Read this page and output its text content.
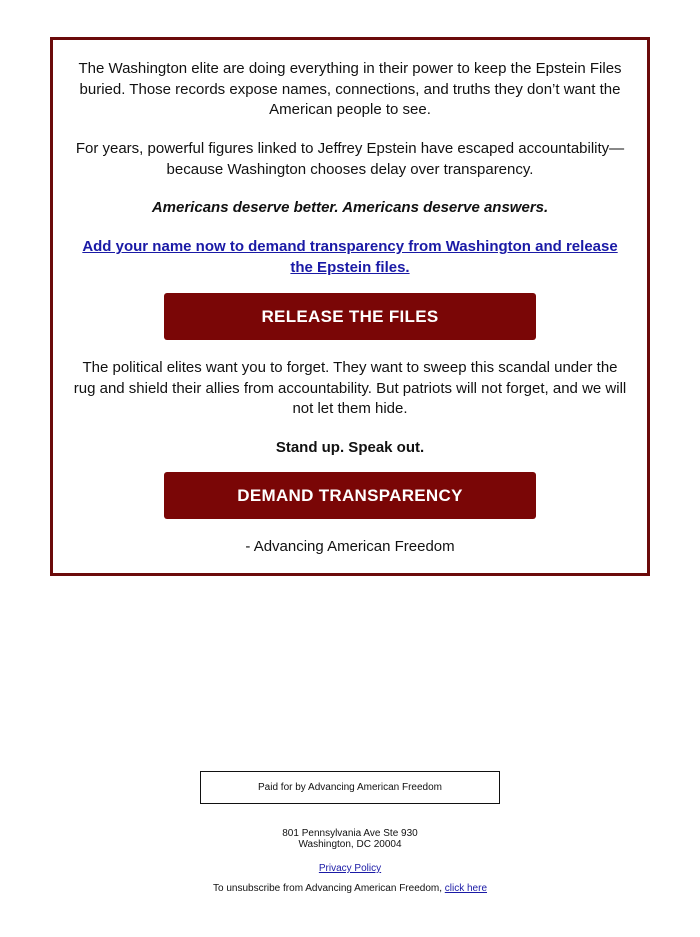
The Washington elite are doing everything in their power to keep the Epstein Files buried. Those records expose names, connections, and truths they don’t want the American people to see.

For years, powerful figures linked to Jeffrey Epstein have escaped accountability—because Washington chooses delay over transparency.

Americans deserve better. Americans deserve answers.

Add your name now to demand transparency from Washington and release the Epstein files.

RELEASE THE FILES

The political elites want you to forget. They want to sweep this scandal under the rug and shield their allies from accountability. But patriots will not forget, and we will not let them hide.

Stand up. Speak out.

DEMAND TRANSPARENCY

- Advancing American Freedom

Paid for by Advancing American Freedom
801 Pennsylvania Ave Ste 930
Washington, DC 20004
Privacy Policy
To unsubscribe from Advancing American Freedom, click here
